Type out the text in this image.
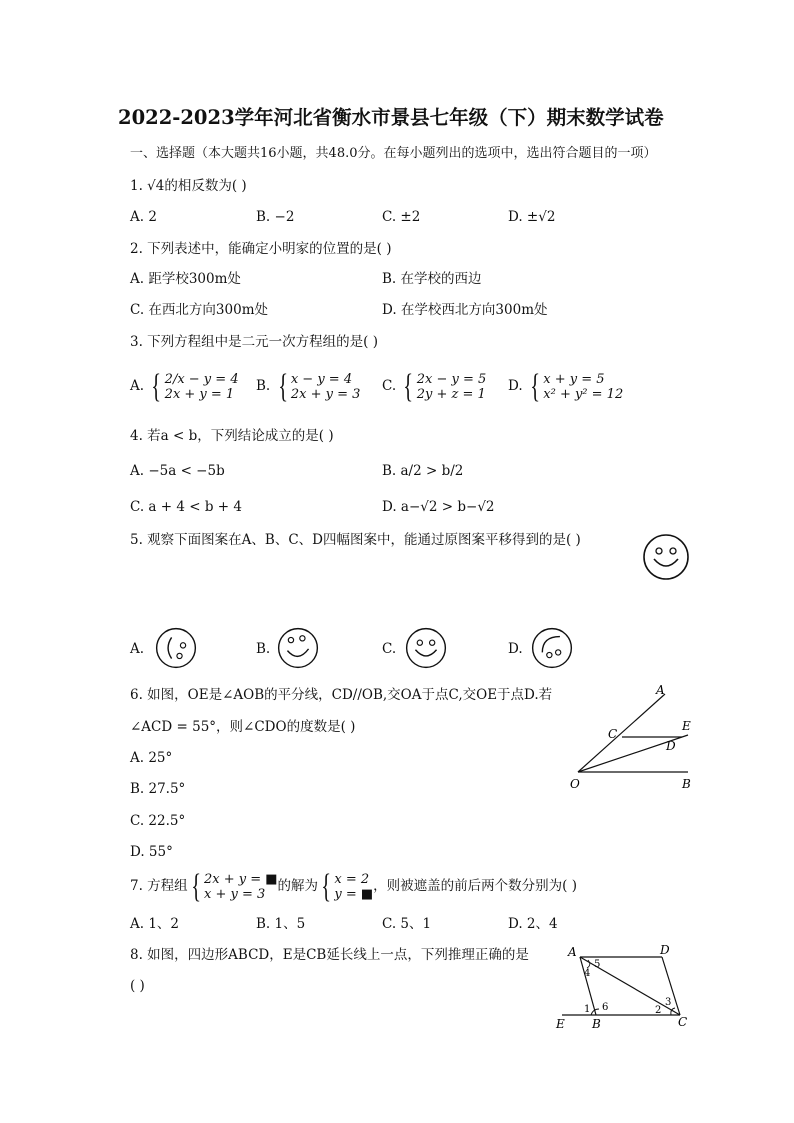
2022-2023学年河北省衡水市景县七年级（下）期末数学试卷
一、选择题（本大题共16小题，共48.0分。在每小题列出的选项中，选出符合题目的一项）
1. √4的相反数为( )
A. 2	B. −2	C. ±2	D. ±√2
2. 下列表述中，能确定小明家的位置的是( )
A. 距学校300m处	B. 在学校的西边
C. 在西北方向300m处	D. 在学校西北方向300m处
3. 下列方程组中是二元一次方程组的是( )
A. { 2/x − y = 4
2x + y = 1	B. { x − y = 4
2x + y = 3 C. { 2x − y = 5
2y + z = 1 D. { x + y = 5
x² + y² = 12
4. 若a < b，下列结论成立的是( )
A. −5a < −5b	B. a/2 > b/2
C. a + 4 < b + 4	D. a−√2 > b−√2
5. 观察下面图案在A、B、C、D四幅图案中，能通过原图案平移得到的是( )
A.	B.	C.	D.
6. 如图，OE是∠AOB的平分线，CD//OB,交OA于点C,交OE于点D.若
∠ACD = 55°，则∠CDO的度数是( )
A. 25°
B. 27.5°
C. 22.5°
D. 55°
A
E
C
D
O	B
7. 方程组{ 2x + y = ■
x + y = 3 的解为{ x = 2
y = ■ ，则被遮盖的前后两个数分别为( )
A. 1、2	B. 1、5	C. 5、1	D. 2、4
8. 如图，四边形ABCD，E是CB延长线上一点，下列推理正确的是
( )
A	D
5
4
1 6	2
3
E B	C
